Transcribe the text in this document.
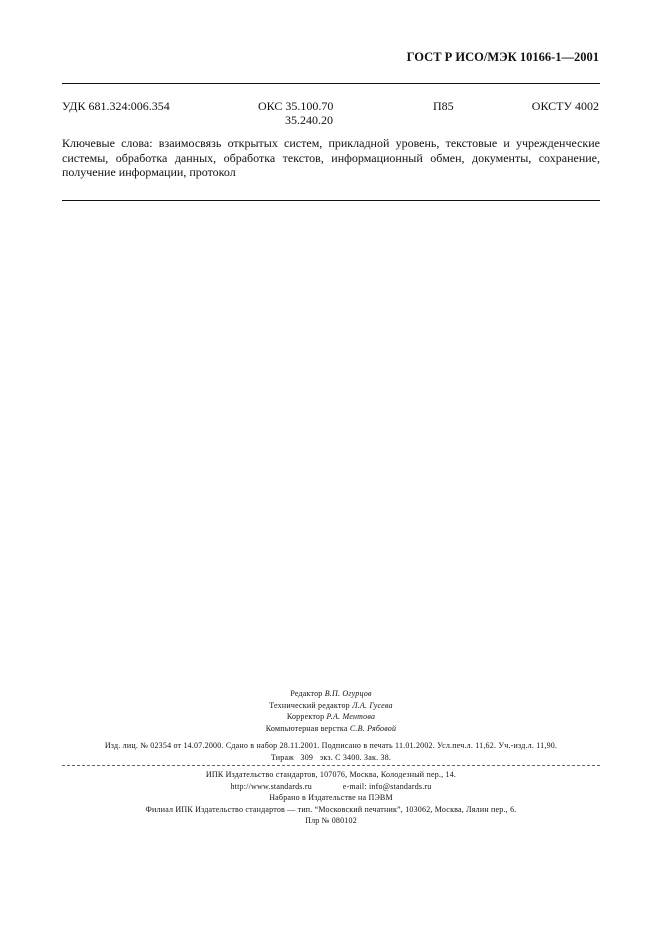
ГОСТ Р ИСО/МЭК 10166-1—2001
УДК 681.324:006.354	ОКС 35.100.70
35.240.20
П85	ОКСТУ 4002
Ключевые слова: взаимосвязь открытых систем, прикладной уровень, текстовые и учрежденческие системы, обработка данных, обработка текстов, информационный обмен, документы, сохранение, получение информации, протокол
Редактор В.П. Огурцов
Технический редактор Л.А. Гусева
Корректор Р.А. Ментова
Компьютерная верстка С.В. Рябовой
Изд. лиц. № 02354 от 14.07.2000. Сдано в набор 28.11.2001. Подписано в печать 11.01.2002. Усл.печ.л. 11,62. Уч.-изд.л. 11,90.
Тираж   309   экз. С 3400. Зак. 38.
ИПК Издательство стандартов, 107076, Москва, Колодезный пер., 14.
http://www.standards.ru	e-mail: info@standards.ru
Набрано в Издательстве на ПЭВМ
Филиал ИПК Издательство стандартов — тип. “Московский печатник”, 103062, Москва, Лялин пер., 6.
Плр № 080102
